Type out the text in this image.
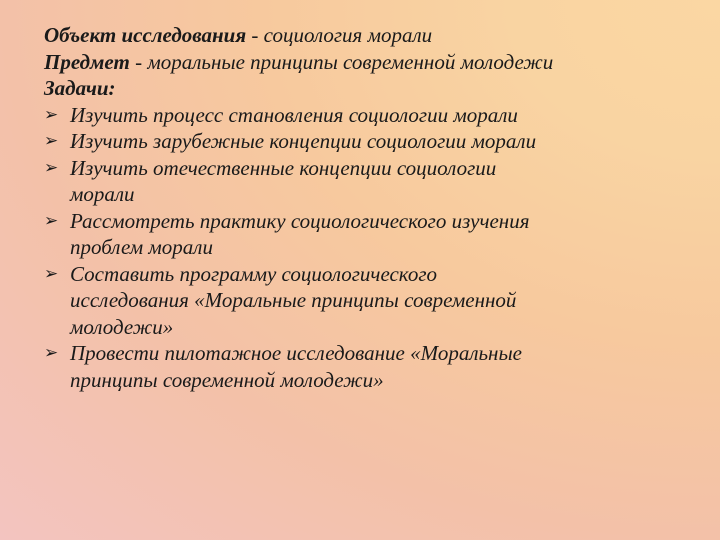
Объект исследования - социология морали
Предмет - моральные принципы современной молодежи
Задачи:
➢ Изучить процесс становления социологии морали
➢ Изучить зарубежные концепции социологии морали
➢ Изучить отечественные концепции социологии
морали
➢ Рассмотреть практику социологического изучения
проблем морали
➢ Составить программу социологического
исследования «Моральные принципы современной
молодежи»
➢ Провести пилотажное исследование «Моральные
принципы современной молодежи»
